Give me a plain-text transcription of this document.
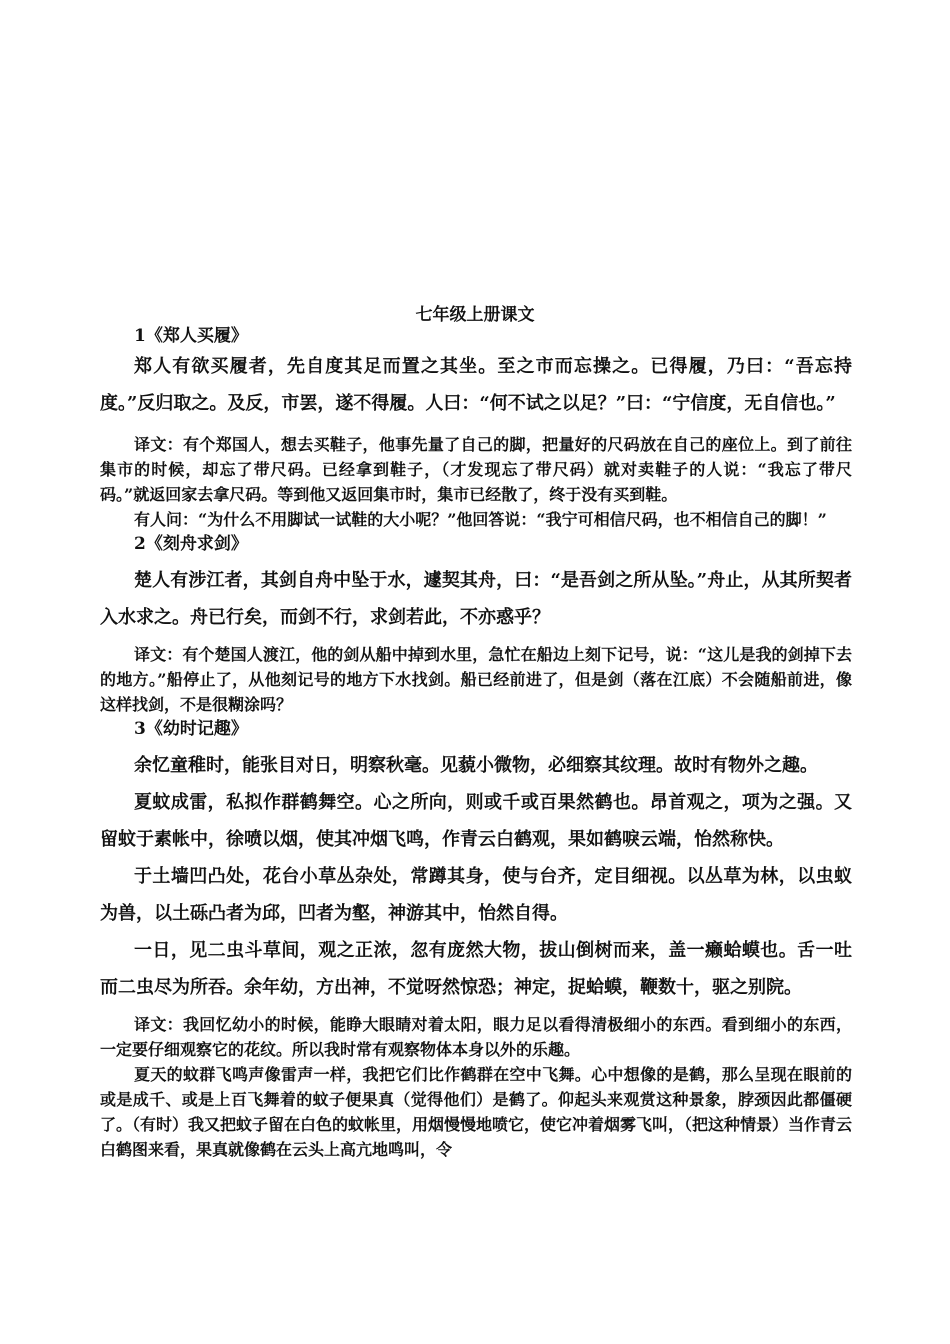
七年级上册课文
1《郑人买履》

郑人有欲买履者，先自度其足而置之其坐。至之市而忘操之。已得履，乃曰：“吾忘持度。”反归取之。及反，市罢，遂不得履。人曰：“何不试之以足？”曰：“宁信度，无自信也。”

译文：有个郑国人，想去买鞋子，他事先量了自己的脚，把量好的尺码放在自己的座位上。到了前往集市的时候，却忘了带尺码。已经拿到鞋子，（才发现忘了带尺码）就对卖鞋子的人说：“我忘了带尺码。”就返回家去拿尺码。等到他又返回集市时，集市已经散了，终于没有买到鞋。

有人问：“为什么不用脚试一试鞋的大小呢？”他回答说：“我宁可相信尺码，也不相信自己的脚！”

2《刻舟求剑》

楚人有涉江者，其剑自舟中坠于水，遽契其舟，曰：“是吾剑之所从坠。”舟止，从其所契者入水求之。舟已行矣，而剑不行，求剑若此，不亦惑乎？

译文：有个楚国人渡江，他的剑从船中掉到水里，急忙在船边上刻下记号，说：“这儿是我的剑掉下去的地方。”船停止了，从他刻记号的地方下水找剑。船已经前进了，但是剑（落在江底）不会随船前进，像这样找剑，不是很糊涂吗？

3《幼时记趣》

余忆童稚时，能张目对日，明察秋毫。见藐小微物，必细察其纹理。故时有物外之趣。

夏蚊成雷，私拟作群鹤舞空。心之所向，则或千或百果然鹤也。昂首观之，项为之强。又留蚊于素帐中，徐喷以烟，使其冲烟飞鸣，作青云白鹤观，果如鹤唳云端，怡然称快。

于土墙凹凸处，花台小草丛杂处，常蹲其身，使与台齐，定目细视。以丛草为林，以虫蚁为兽，以土砾凸者为邱，凹者为壑，神游其中，怡然自得。

一日，见二虫斗草间，观之正浓，忽有庞然大物，拔山倒树而来，盖一癞蛤蟆也。舌一吐而二虫尽为所吞。余年幼，方出神，不觉呀然惊恐；神定，捉蛤蟆，鞭数十，驱之别院。

译文：我回忆幼小的时候，能睁大眼睛对着太阳，眼力足以看得清极细小的东西。看到细小的东西，一定要仔细观察它的花纹。所以我时常有观察物体本身以外的乐趣。

夏天的蚊群飞鸣声像雷声一样，我把它们比作鹤群在空中飞舞。心中想像的是鹤，那么呈现在眼前的或是成千、或是上百飞舞着的蚊子便果真（觉得他们）是鹤了。仰起头来观赏这种景象，脖颈因此都僵硬了。（有时）我又把蚊子留在白色的蚊帐里，用烟慢慢地喷它，使它冲着烟雾飞叫，（把这种情景）当作青云白鹤图来看，果真就像鹤在云头上高亢地鸣叫，令
